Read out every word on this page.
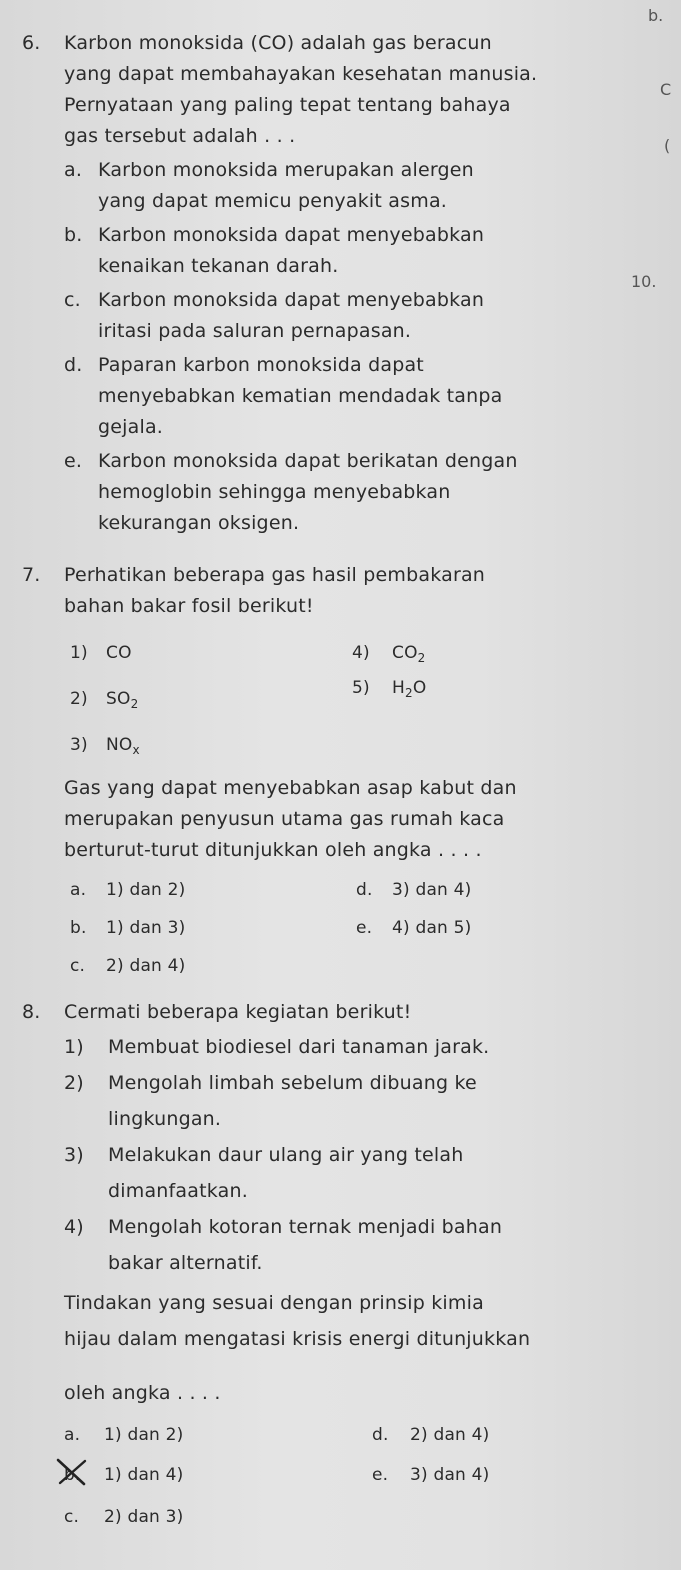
b.
C
(
10.
6. Karbon monoksida (CO) adalah gas beracun
yang dapat membahayakan kesehatan manusia.
Pernyataan yang paling tepat tentang bahaya
gas tersebut adalah . . .
a. Karbon monoksida merupakan alergen
yang dapat memicu penyakit asma.
b. Karbon monoksida dapat menyebabkan
kenaikan tekanan darah.
c. Karbon monoksida dapat menyebabkan
iritasi pada saluran pernapasan.
d. Paparan karbon monoksida dapat
menyebabkan kematian mendadak tanpa
gejala.
e. Karbon monoksida dapat berikatan dengan
hemoglobin sehingga menyebabkan
kekurangan oksigen.
7. Perhatikan beberapa gas hasil pembakaran
bahan bakar fosil berikut!
1) CO
2) $SO_2$
3) $NO_x$
4) $CO_2$
5) $H_2O$
Gas yang dapat menyebabkan asap kabut dan
merupakan penyusun utama gas rumah kaca
berturut-turut ditunjukkan oleh angka . . . .
a. 1) dan 2)
b. 1) dan 3)
c. 2) dan 4)
d. 3) dan 4)
e. 4) dan 5)
8. Cermati beberapa kegiatan berikut!
1) Membuat biodiesel dari tanaman jarak.
2) Mengolah limbah sebelum dibuang ke
lingkungan.
3) Melakukan daur ulang air yang telah
dimanfaatkan.
4) Mengolah kotoran ternak menjadi bahan
bakar alternatif.
Tindakan yang sesuai dengan prinsip kimia
hijau dalam mengatasi krisis energi ditunjukkan
oleh angka . . . .
a. 1) dan 2)
b. 1) dan 4)
c. 2) dan 3)
d. 2) dan 4)
e. 3) dan 4)
